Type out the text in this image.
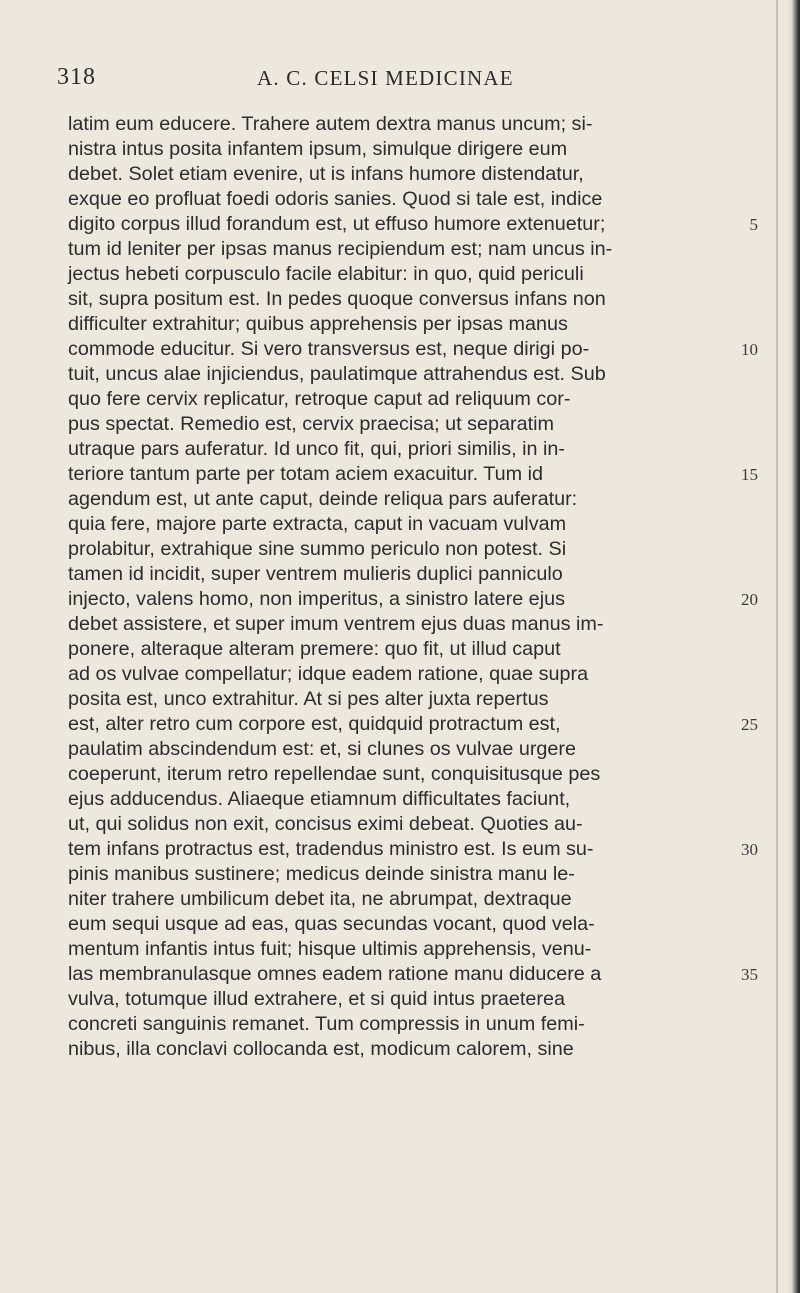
318	A. C. CELSI MEDICINAE
latim eum educere. Trahere autem dextra manus uncum; si-
nistra intus posita infantem ipsum, simulque dirigere eum
debet. Solet etiam evenire, ut is infans humore distendatur,
exque eo profluat foedi odoris sanies. Quod si tale est, indice
digito corpus illud forandum est, ut effuso humore extenuetur;	5
tum id leniter per ipsas manus recipiendum est; nam uncus in-
jectus hebeti corpusculo facile elabitur: in quo, quid periculi
sit, supra positum est. In pedes quoque conversus infans non
difficulter extrahitur; quibus apprehensis per ipsas manus
commode educitur. Si vero transversus est, neque dirigi po-	10
tuit, uncus alae injiciendus, paulatimque attrahendus est. Sub
quo fere cervix replicatur, retroque caput ad reliquum cor-
pus spectat. Remedio est, cervix praecisa; ut separatim
utraque pars auferatur. Id unco fit, qui, priori similis, in in-
teriore tantum parte per totam aciem exacuitur. Tum id	15
agendum est, ut ante caput, deinde reliqua pars auferatur:
quia fere, majore parte extracta, caput in vacuam vulvam
prolabitur, extrahique sine summo periculo non potest. Si
tamen id incidit, super ventrem mulieris duplici panniculo
injecto, valens homo, non imperitus, a sinistro latere ejus	20
debet assistere, et super imum ventrem ejus duas manus im-
ponere, alteraque alteram premere: quo fit, ut illud caput
ad os vulvae compellatur; idque eadem ratione, quae supra
posita est, unco extrahitur. At si pes alter juxta repertus
est, alter retro cum corpore est, quidquid protractum est,	25
paulatim abscindendum est: et, si clunes os vulvae urgere
coeperunt, iterum retro repellendae sunt, conquisitusque pes
ejus adducendus. Aliaeque etiamnum difficultates faciunt,
ut, qui solidus non exit, concisus eximi debeat. Quoties au-
tem infans protractus est, tradendus ministro est. Is eum su-	30
pinis manibus sustinere; medicus deinde sinistra manu le-
niter trahere umbilicum debet ita, ne abrumpat, dextraque
eum sequi usque ad eas, quas secundas vocant, quod vela-
mentum infantis intus fuit; hisque ultimis apprehensis, venu-
las membranulasque omnes eadem ratione manu diducere a	35
vulva, totumque illud extrahere, et si quid intus praeterea
concreti sanguinis remanet. Tum compressis in unum femi-
nibus, illa conclavi collocanda est, modicum calorem, sine
